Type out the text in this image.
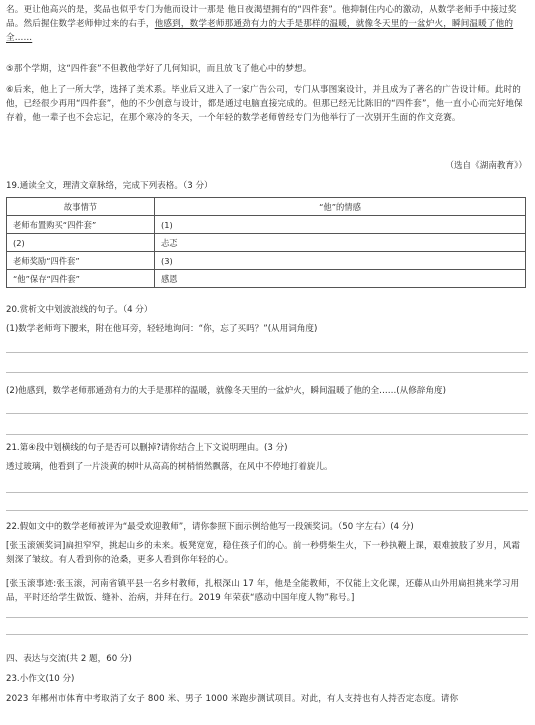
名。更让他高兴的是，奖品也似乎专门为他而设计一那是 他日夜渴望拥有的“四件套”。他抑制住内心的激动，从数学老师手中接过奖品。然后握住数学老师伸过来的右手，他感到，数学老师那通劲有力的大手是那样的温暖，就像冬天里的一盆炉火，瞬间温暖了他的全……

⑤那个学期，这“四件套”不但教他学好了几何知识，而且放飞了他心中的梦想。

⑥后来，他上了一所大学，选择了美术系。毕业后又进入了一家广告公司，专门从事图案设计，并且成为了著名的广告设计师。此时的他，已经很少再用“四件套”，他的不少创意与设计，都是通过电脑直接完成的。但那已经无比陈旧的“四件套”，他一直小心而完好地保存着，他一辈子也不会忘记，在那个寒冷的冬天，一个年轻的数学老师曾经专门为他举行了一次别开生面的作文竞赛。

（选自《湖南教育》）

19.通读全文，理清文章脉络，完成下列表格。（3 分）

故事情节	“他”的情感
老师布置购买“四件套”	(1)
(2)	忐忑
老师奖励“四件套”	(3)
“他”保存“四件套”	感恩

20.赏析文中划波浪线的句子。（4 分）

(1)数学老师弯下腰来，附在他耳旁，轻轻地询问：“你，忘了买吗？”(从用词角度)

(2)他感到，数学老师那通劲有力的大手是那样的温暖，就像冬天里的一盆炉火，瞬间温暖了他的全……(从修辞角度)

21.第④段中划横线的句子是否可以删掉?请你结合上下文说明理由。(3 分)

透过玻璃，他看到了一片淡黄的树叶从高高的树梢悄然飘落，在风中不停地打着旋儿。

22.假如文中的数学老师被评为“最受欢迎教师”，请你参照下面示例给他写一段颁奖词。（50 字左右）(4 分)

[张玉滚颁奖词]扁担窄窄，挑起山乡的未来。板凳宽宽，稳住孩子们的心。前一秒劈柴生火，下一秒执鞭上课，艰难披肢了岁月，风霜刻深了皱纹。有人看到你的沧桑，更多人看到你年轻的心。

[张玉滚事迹:张玉滚，河南省镇平县一名乡村教师，扎根深山 17 年，他是全能教师，不仅能上文化课，还藤从山外用扁担挑来学习用品，平时还给学生做饭、缝补、治病，并拜在行。2019 年荣获“感动中国年度人物”称号。]

四、表达与交流(共 2 题，60 分)

23.小作文(10 分)

2023 年郴州市体育中考取消了女子 800 米、男子 1000 米跑步测试项目。对此，有人支持也有人持否定态度。请你
